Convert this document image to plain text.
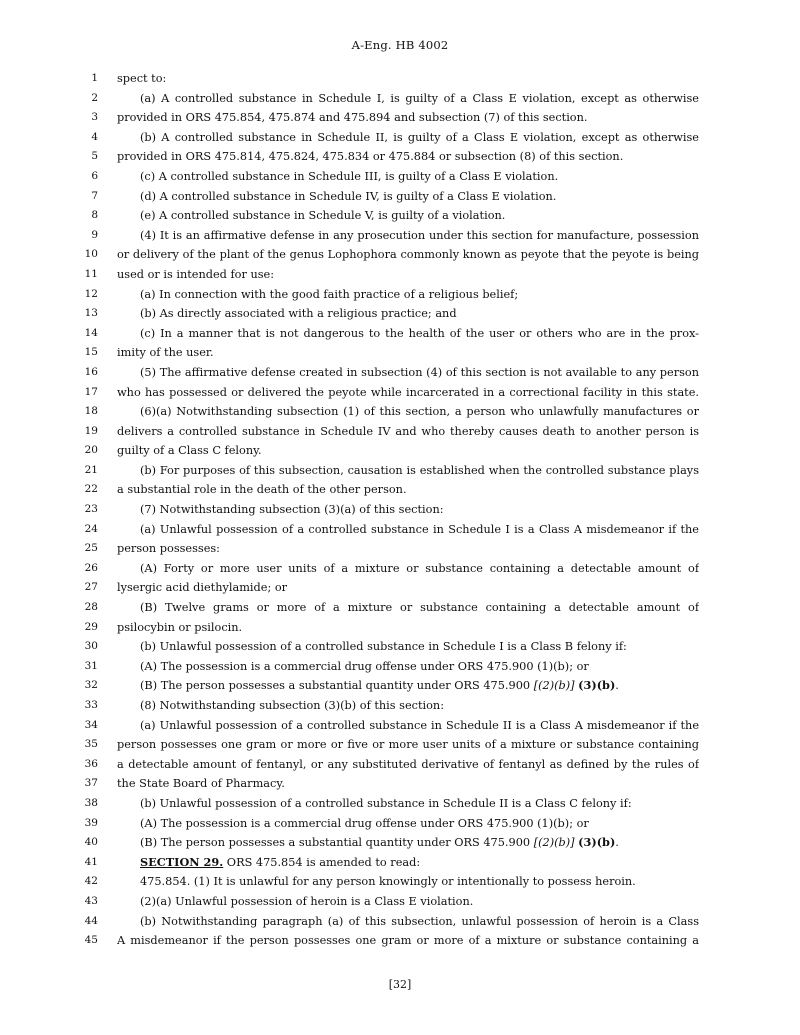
A-Eng. HB 4002
1 spect to:
2	(a) A controlled substance in Schedule I, is guilty of a Class E violation, except as otherwise
3 provided in ORS 475.854, 475.874 and 475.894 and subsection (7) of this section.
4	(b) A controlled substance in Schedule II, is guilty of a Class E violation, except as otherwise
5 provided in ORS 475.814, 475.824, 475.834 or 475.884 or subsection (8) of this section.
6	(c) A controlled substance in Schedule III, is guilty of a Class E violation.
7	(d) A controlled substance in Schedule IV, is guilty of a Class E violation.
8	(e) A controlled substance in Schedule V, is guilty of a violation.
9	(4) It is an affirmative defense in any prosecution under this section for manufacture, possession
10 or delivery of the plant of the genus Lophophora commonly known as peyote that the peyote is being
11 used or is intended for use:
12	(a) In connection with the good faith practice of a religious belief;
13	(b) As directly associated with a religious practice; and
14	(c) In a manner that is not dangerous to the health of the user or others who are in the prox-
15 imity of the user.
16	(5) The affirmative defense created in subsection (4) of this section is not available to any person
17 who has possessed or delivered the peyote while incarcerated in a correctional facility in this state.
18	(6)(a) Notwithstanding subsection (1) of this section, a person who unlawfully manufactures or
19 delivers a controlled substance in Schedule IV and who thereby causes death to another person is
20 guilty of a Class C felony.
21	(b) For purposes of this subsection, causation is established when the controlled substance plays
22 a substantial role in the death of the other person.
23	(7) Notwithstanding subsection (3)(a) of this section:
24	(a) Unlawful possession of a controlled substance in Schedule I is a Class A misdemeanor if the
25 person possesses:
26	(A) Forty or more user units of a mixture or substance containing a detectable amount of
27 lysergic acid diethylamide; or
28	(B) Twelve grams or more of a mixture or substance containing a detectable amount of
29 psilocybin or psilocin.
30	(b) Unlawful possession of a controlled substance in Schedule I is a Class B felony if:
31	(A) The possession is a commercial drug offense under ORS 475.900 (1)(b); or
32	(B) The person possesses a substantial quantity under ORS 475.900 [(2)(b)] (3)(b).
33	(8) Notwithstanding subsection (3)(b) of this section:
34	(a) Unlawful possession of a controlled substance in Schedule II is a Class A misdemeanor if the
35 person possesses one gram or more or five or more user units of a mixture or substance containing
36 a detectable amount of fentanyl, or any substituted derivative of fentanyl as defined by the rules of
37 the State Board of Pharmacy.
38	(b) Unlawful possession of a controlled substance in Schedule II is a Class C felony if:
39	(A) The possession is a commercial drug offense under ORS 475.900 (1)(b); or
40	(B) The person possesses a substantial quantity under ORS 475.900 [(2)(b)] (3)(b).
41	SECTION 29. ORS 475.854 is amended to read:
42	475.854. (1) It is unlawful for any person knowingly or intentionally to possess heroin.
43	(2)(a) Unlawful possession of heroin is a Class E violation.
44	(b) Notwithstanding paragraph (a) of this subsection, unlawful possession of heroin is a Class
45 A misdemeanor if the person possesses one gram or more of a mixture or substance containing a
[32]
